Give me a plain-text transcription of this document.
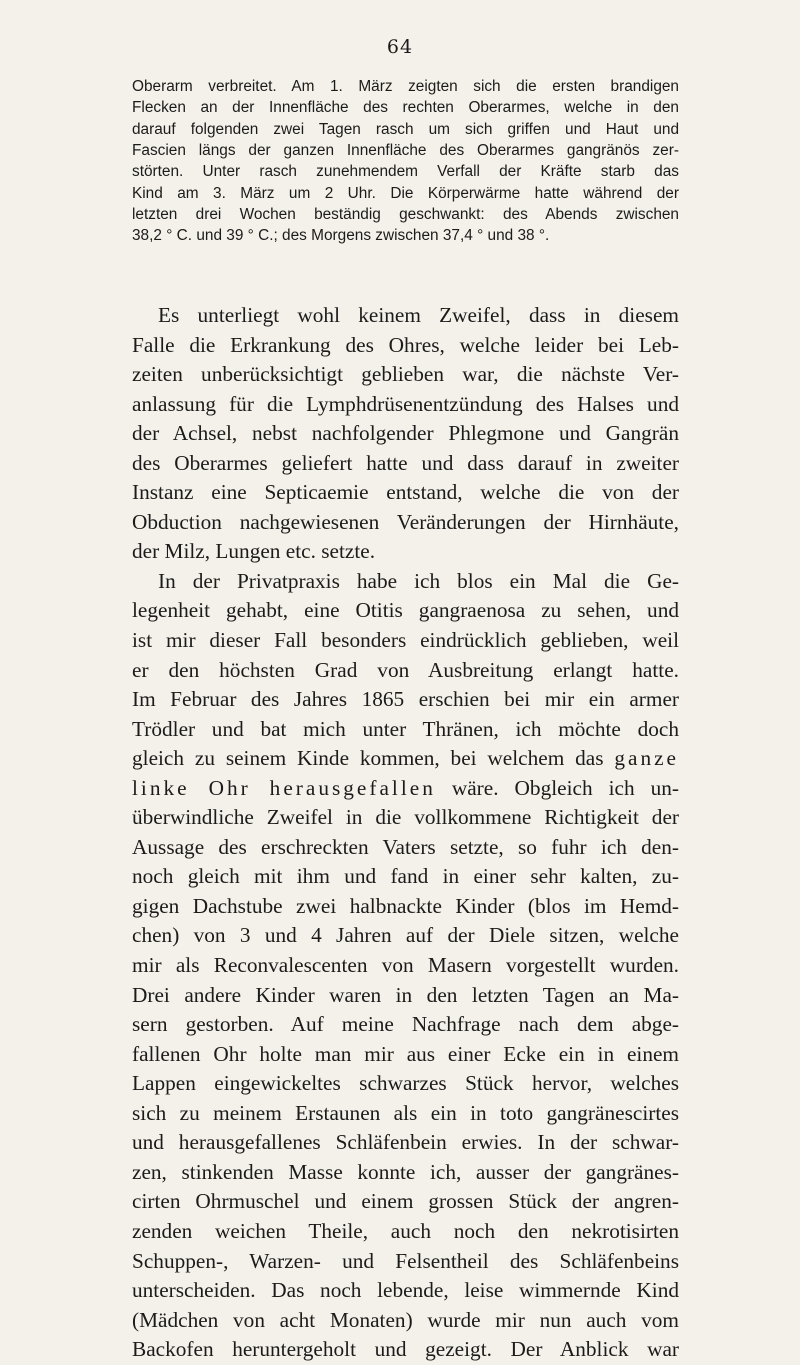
64
Oberarm verbreitet. Am 1. März zeigten sich die ersten brandigen
Flecken an der Innenfläche des rechten Oberarmes, welche in den
darauf folgenden zwei Tagen rasch um sich griffen und Haut und
Fascien längs der ganzen Innenfläche des Oberarmes gangränös zer-
störten. Unter rasch zunehmendem Verfall der Kräfte starb das
Kind am 3. März um 2 Uhr. Die Körperwärme hatte während der
letzten drei Wochen beständig geschwankt: des Abends zwischen
38,2 ° C. und 39 ° C.; des Morgens zwischen 37,4 ° und 38 °.
Es unterliegt wohl keinem Zweifel, dass in diesem
Falle die Erkrankung des Ohres, welche leider bei Leb-
zeiten unberücksichtigt geblieben war, die nächste Ver-
anlassung für die Lymphdrüsenentzündung des Halses und
der Achsel, nebst nachfolgender Phlegmone und Gangrän
des Oberarmes geliefert hatte und dass darauf in zweiter
Instanz eine Septicaemie entstand, welche die von der
Obduction nachgewiesenen Veränderungen der Hirnhäute,
der Milz, Lungen etc. setzte.
In der Privatpraxis habe ich blos ein Mal die Ge-
legenheit gehabt, eine Otitis gangraenosa zu sehen, und
ist mir dieser Fall besonders eindrücklich geblieben, weil
er den höchsten Grad von Ausbreitung erlangt hatte.
Im Februar des Jahres 1865 erschien bei mir ein armer
Trödler und bat mich unter Thränen, ich möchte doch
gleich zu seinem Kinde kommen, bei welchem das ganze
linke Ohr herausgefallen wäre. Obgleich ich un-
überwindliche Zweifel in die vollkommene Richtigkeit der
Aussage des erschreckten Vaters setzte, so fuhr ich den-
noch gleich mit ihm und fand in einer sehr kalten, zu-
gigen Dachstube zwei halbnackte Kinder (blos im Hemd-
chen) von 3 und 4 Jahren auf der Diele sitzen, welche
mir als Reconvalescenten von Masern vorgestellt wurden.
Drei andere Kinder waren in den letzten Tagen an Ma-
sern gestorben. Auf meine Nachfrage nach dem abge-
fallenen Ohr holte man mir aus einer Ecke ein in einem
Lappen eingewickeltes schwarzes Stück hervor, welches
sich zu meinem Erstaunen als ein in toto gangränescirtes
und herausgefallenes Schläfenbein erwies. In der schwar-
zen, stinkenden Masse konnte ich, ausser der gangränes-
cirten Ohrmuschel und einem grossen Stück der angren-
zenden weichen Theile, auch noch den nekrotisirten
Schuppen-, Warzen- und Felsentheil des Schläfenbeins
unterscheiden. Das noch lebende, leise wimmernde Kind
(Mädchen von acht Monaten) wurde mir nun auch vom
Backofen heruntergeholt und gezeigt. Der Anblick war
